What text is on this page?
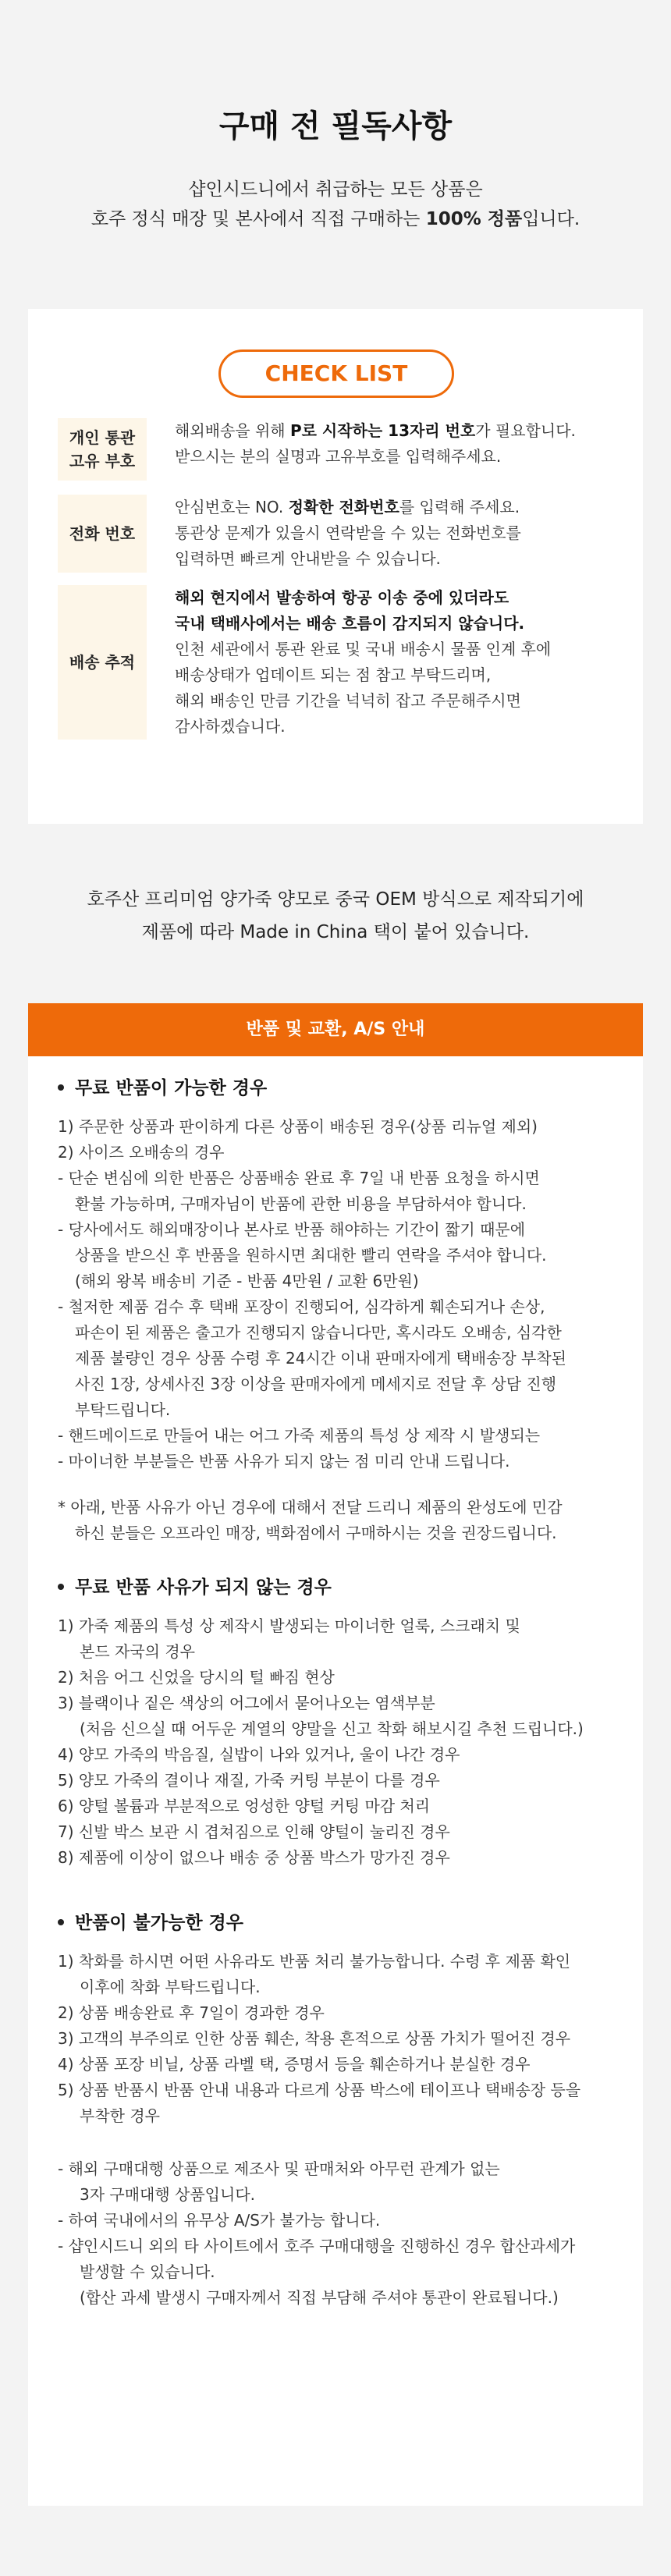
구매 전 필독사항
샵인시드니에서 취급하는 모든 상품은
호주 정식 매장 및 본사에서 직접 구매하는 100% 정품입니다.
CHECK LIST
개인 통관
고유 부호
해외배송을 위해 P로 시작하는 13자리 번호가 필요합니다.
받으시는 분의 실명과 고유부호를 입력해주세요.
전화 번호
안심번호는 NO. 정확한 전화번호를 입력해 주세요.
통관상 문제가 있을시 연락받을 수 있는 전화번호를
입력하면 빠르게 안내받을 수 있습니다.
배송 추적
해외 현지에서 발송하여 항공 이송 중에 있더라도
국내 택배사에서는 배송 흐름이 감지되지 않습니다.
인천 세관에서 통관 완료 및 국내 배송시 물품 인계 후에
배송상태가 업데이트 되는 점 참고 부탁드리며,
해외 배송인 만큼 기간을 넉넉히 잡고 주문해주시면
감사하겠습니다.
호주산 프리미엄 양가죽 양모로 중국 OEM 방식으로 제작되기에
제품에 따라 Made in China 택이 붙어 있습니다.
반품 및 교환, A/S 안내
무료 반품이 가능한 경우
1) 주문한 상품과 판이하게 다른 상품이 배송된 경우(상품 리뉴얼 제외)
2) 사이즈 오배송의 경우
- 단순 변심에 의한 반품은 상품배송 완료 후 7일 내 반품 요청을 하시면
환불 가능하며, 구매자님이 반품에 관한 비용을 부담하셔야 합니다.
- 당사에서도 해외매장이나 본사로 반품 해야하는 기간이 짧기 때문에
상품을 받으신 후 반품을 원하시면 최대한 빨리 연락을 주셔야 합니다.
(해외 왕복 배송비 기준 - 반품 4만원 / 교환 6만원)
- 철저한 제품 검수 후 택배 포장이 진행되어, 심각하게 훼손되거나 손상,
파손이 된 제품은 출고가 진행되지 않습니다만, 혹시라도 오배송, 심각한
제품 불량인 경우 상품 수령 후 24시간 이내 판매자에게 택배송장 부착된
사진 1장, 상세사진 3장 이상을 판매자에게 메세지로 전달 후 상담 진행
부탁드립니다.
- 핸드메이드로 만들어 내는 어그 가죽 제품의 특성 상 제작 시 발생되는
- 마이너한 부분들은 반품 사유가 되지 않는 점 미리 안내 드립니다.
* 아래, 반품 사유가 아닌 경우에 대해서 전달 드리니 제품의 완성도에 민감
하신 분들은 오프라인 매장, 백화점에서 구매하시는 것을 권장드립니다.
무료 반품 사유가 되지 않는 경우
1) 가죽 제품의 특성 상 제작시 발생되는 마이너한 얼룩, 스크래치 및
본드 자국의 경우
2) 처음 어그 신었을 당시의 털 빠짐 현상
3) 블랙이나 짙은 색상의 어그에서 묻어나오는 염색부분
(처음 신으실 때 어두운 계열의 양말을 신고 착화 해보시길 추천 드립니다.)
4) 양모 가죽의 박음질, 실밥이 나와 있거나, 울이 나간 경우
5) 양모 가죽의 결이나 재질, 가죽 커팅 부분이 다를 경우
6) 양털 볼륨과 부분적으로 엉성한 양털 커팅 마감 처리
7) 신발 박스 보관 시 겹쳐짐으로 인해 양털이 눌리진 경우
8) 제품에 이상이 없으나 배송 중 상품 박스가 망가진 경우
반품이 불가능한 경우
1) 착화를 하시면 어떤 사유라도 반품 처리 불가능합니다. 수령 후 제품 확인
이후에 착화 부탁드립니다.
2) 상품 배송완료 후 7일이 경과한 경우
3) 고객의 부주의로 인한 상품 훼손, 착용 흔적으로 상품 가치가 떨어진 경우
4) 상품 포장 비닐, 상품 라벨 택, 증명서 등을 훼손하거나 분실한 경우
5) 상품 반품시 반품 안내 내용과 다르게 상품 박스에 테이프나 택배송장 등을
부착한 경우
- 해외 구매대행 상품으로 제조사 및 판매처와 아무런 관계가 없는
3자 구매대행 상품입니다.
- 하여 국내에서의 유무상 A/S가 불가능 합니다.
- 샵인시드니 외의 타 사이트에서 호주 구매대행을 진행하신 경우 합산과세가
발생할 수 있습니다.
(합산 과세 발생시 구매자께서 직접 부담해 주셔야 통관이 완료됩니다.)
